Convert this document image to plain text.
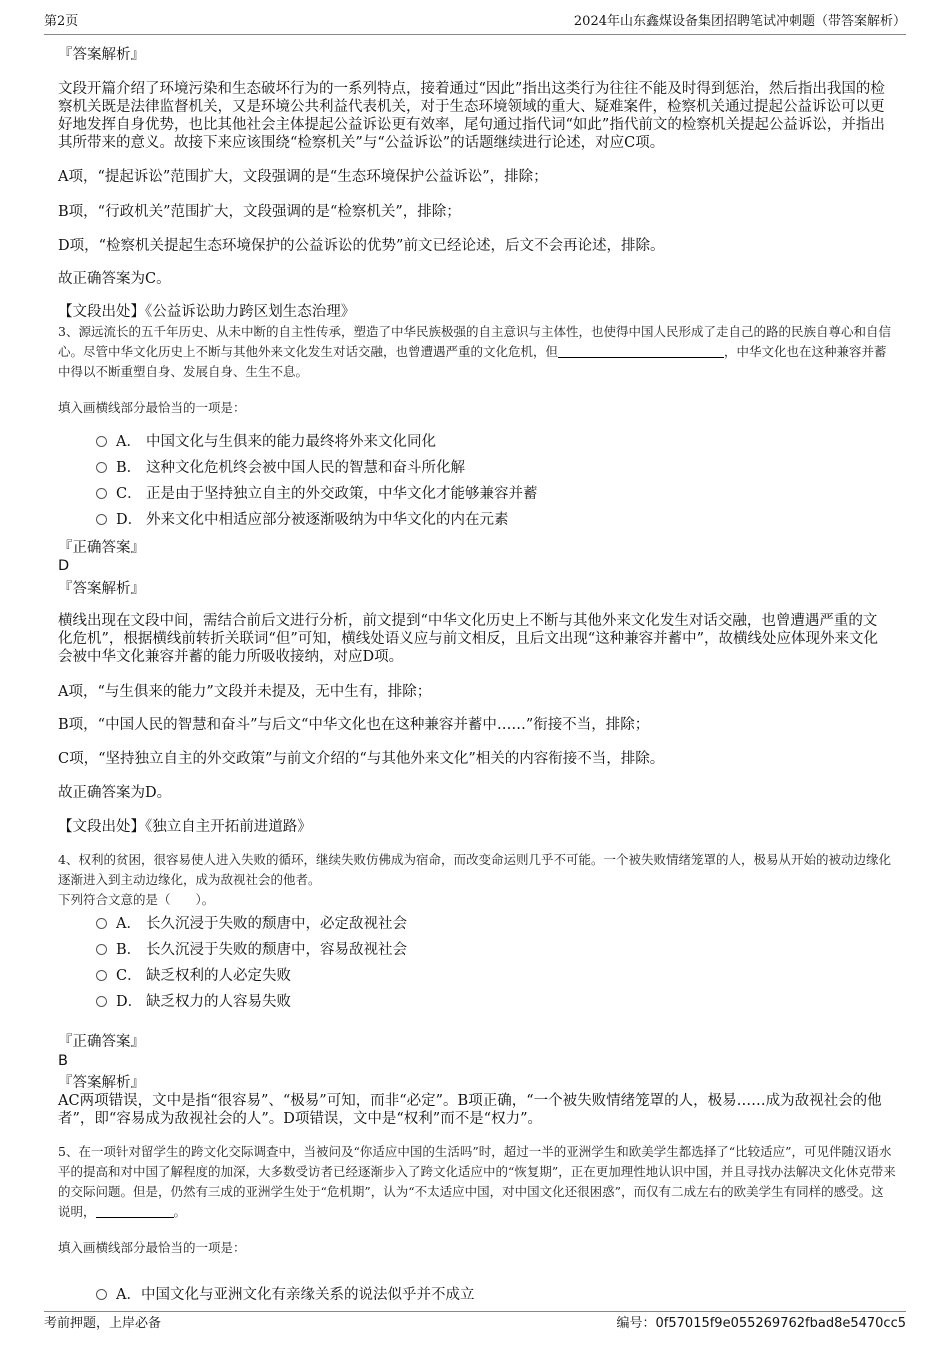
第2页	2024年山东鑫煤设备集团招聘笔试冲刺题（带答案解析）
『答案解析』

文段开篇介绍了环境污染和生态破坏行为的一系列特点，接着通过“因此”指出这类行为往往不能及时得到惩治，然后指出我国的检察机关既是法律监督机关，又是环境公共利益代表机关，对于生态环境领域的重大、疑难案件，检察机关通过提起公益诉讼可以更好地发挥自身优势，也比其他社会主体提起公益诉讼更有效率，尾句通过指代词“如此”指代前文的检察机关提起公益诉讼，并指出其所带来的意义。故接下来应该围绕“检察机关”与“公益诉讼”的话题继续进行论述，对应C项。

A项，“提起诉讼”范围扩大，文段强调的是“生态环境保护公益诉讼”，排除；

B项，“行政机关”范围扩大，文段强调的是“检察机关”，排除；

D项，“检察机关提起生态环境保护的公益诉讼的优势”前文已经论述，后文不会再论述，排除。

故正确答案为C。

【文段出处】《公益诉讼助力跨区划生态治理》

3、源远流长的五千年历史、从未中断的自主性传承，塑造了中华民族极强的自主意识与主体性，也使得中国人民形成了走自己的路的民族自尊心和自信心。尽管中华文化历史上不断与其他外来文化发生对话交融，也曾遭遇严重的文化危机，但	，中华文化也在这种兼容并蓄中得以不断重塑自身、发展自身、生生不息。

填入画横线部分最恰当的一项是：

A． 中国文化与生俱来的能力最终将外来文化同化
B． 这种文化危机终会被中国人民的智慧和奋斗所化解
C． 正是由于坚持独立自主的外交政策，中华文化才能够兼容并蓄
D． 外来文化中相适应部分被逐渐吸纳为中华文化的内在元素
『正确答案』
D
『答案解析』

横线出现在文段中间，需结合前后文进行分析，前文提到“中华文化历史上不断与其他外来文化发生对话交融，也曾遭遇严重的文化危机”，根据横线前转折关联词“但”可知，横线处语义应与前文相反，且后文出现“这种兼容并蓄中”，故横线处应体现外来文化会被中华文化兼容并蓄的能力所吸收接纳，对应D项。

A项，“与生俱来的能力”文段并未提及，无中生有，排除；

B项，“中国人民的智慧和奋斗”与后文“中华文化也在这种兼容并蓄中……”衔接不当，排除；

C项，“坚持独立自主的外交政策”与前文介绍的“与其他外来文化”相关的内容衔接不当，排除。

故正确答案为D。

【文段出处】《独立自主开拓前进道路》

4、权利的贫困，很容易使人进入失败的循环，继续失败仿佛成为宿命，而改变命运则几乎不可能。一个被失败情绪笼罩的人，极易从开始的被动边缘化逐渐进入到主动边缘化，成为敌视社会的他者。

下列符合文意的是（　　）。

A． 长久沉浸于失败的颓唐中，必定敌视社会
B． 长久沉浸于失败的颓唐中，容易敌视社会
C． 缺乏权利的人必定失败
D． 缺乏权力的人容易失败
『正确答案』
B
『答案解析』

AC两项错误，文中是指“很容易”、“极易”可知，而非“必定”。B项正确，“一个被失败情绪笼罩的人，极易……成为敌视社会的他者”，即“容易成为敌视社会的人”。D项错误，文中是“权利”而不是“权力”。

5、在一项针对留学生的跨文化交际调查中，当被问及“你适应中国的生活吗”时，超过一半的亚洲学生和欧美学生都选择了“比较适应”，可见伴随汉语水平的提高和对中国了解程度的加深，大多数受访者已经逐渐步入了跨文化适应中的“恢复期”，正在更加理性地认识中国，并且寻找办法解决文化休克带来的交际问题。但是，仍然有三成的亚洲学生处于“危机期”，认为“不太适应中国，对中国文化还很困惑”，而仅有二成左右的欧美学生有同样的感受。这说明，	。

填入画横线部分最恰当的一项是：

A．中国文化与亚洲文化有亲缘关系的说法似乎并不成立
考前押题，上岸必备	编号：0f57015f9e055269762fbad8e5470cc5
